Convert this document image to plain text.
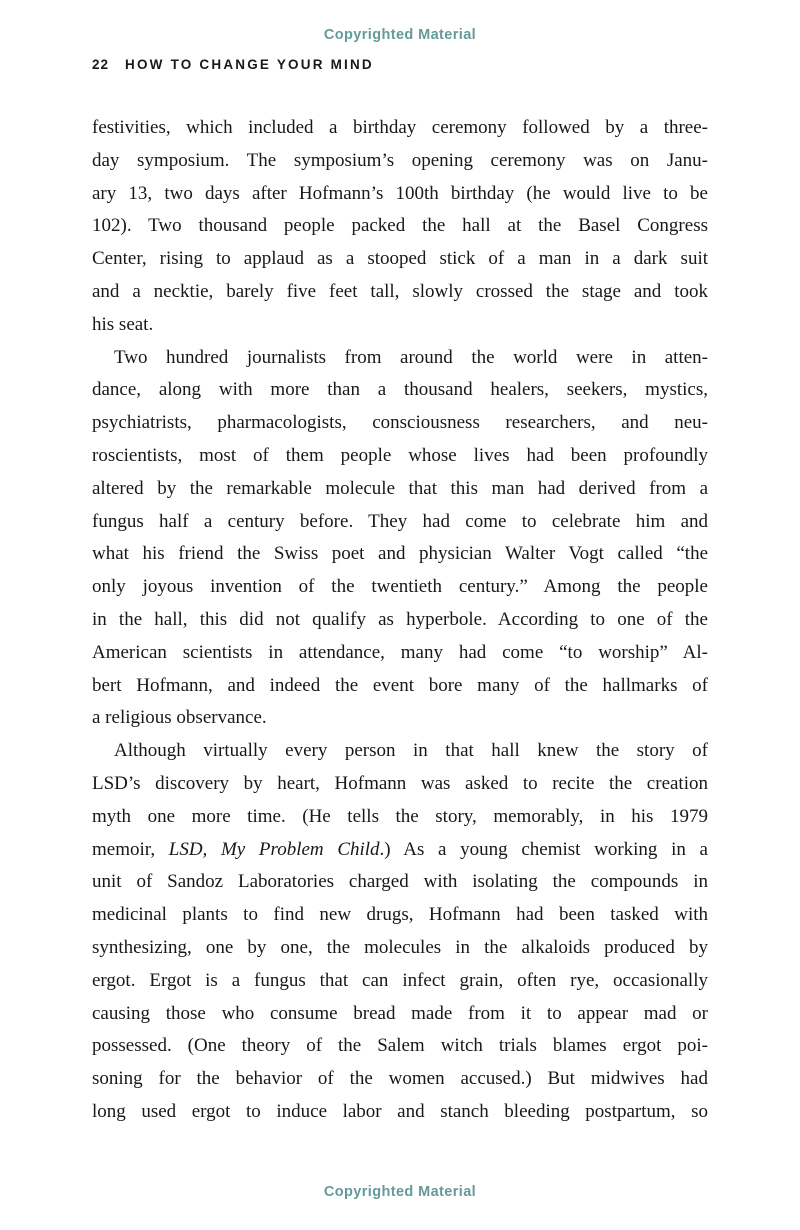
Copyrighted Material
22 HOW TO CHANGE YOUR MIND
festivities, which included a birthday ceremony followed by a three-
day symposium. The symposium’s opening ceremony was on Janu-
ary 13, two days after Hofmann’s 100th birthday (he would live to be
102). Two thousand people packed the hall at the Basel Congress
Center, rising to applaud as a stooped stick of a man in a dark suit
and a necktie, barely five feet tall, slowly crossed the stage and took
his seat.
Two hundred journalists from around the world were in atten-
dance, along with more than a thousand healers, seekers, mystics,
psychiatrists, pharmacologists, consciousness researchers, and neu-
roscientists, most of them people whose lives had been profoundly
altered by the remarkable molecule that this man had derived from a
fungus half a century before. They had come to celebrate him and
what his friend the Swiss poet and physician Walter Vogt called “the
only joyous invention of the twentieth century.” Among the people
in the hall, this did not qualify as hyperbole. According to one of the
American scientists in attendance, many had come “to worship” Al-
bert Hofmann, and indeed the event bore many of the hallmarks of
a religious observance.
Although virtually every person in that hall knew the story of
LSD’s discovery by heart, Hofmann was asked to recite the creation
myth one more time. (He tells the story, memorably, in his 1979
memoir, LSD, My Problem Child.) As a young chemist working in a
unit of Sandoz Laboratories charged with isolating the compounds in
medicinal plants to find new drugs, Hofmann had been tasked with
synthesizing, one by one, the molecules in the alkaloids produced by
ergot. Ergot is a fungus that can infect grain, often rye, occasionally
causing those who consume bread made from it to appear mad or
possessed. (One theory of the Salem witch trials blames ergot poi-
soning for the behavior of the women accused.) But midwives had
long used ergot to induce labor and stanch bleeding postpartum, so
Copyrighted Material
